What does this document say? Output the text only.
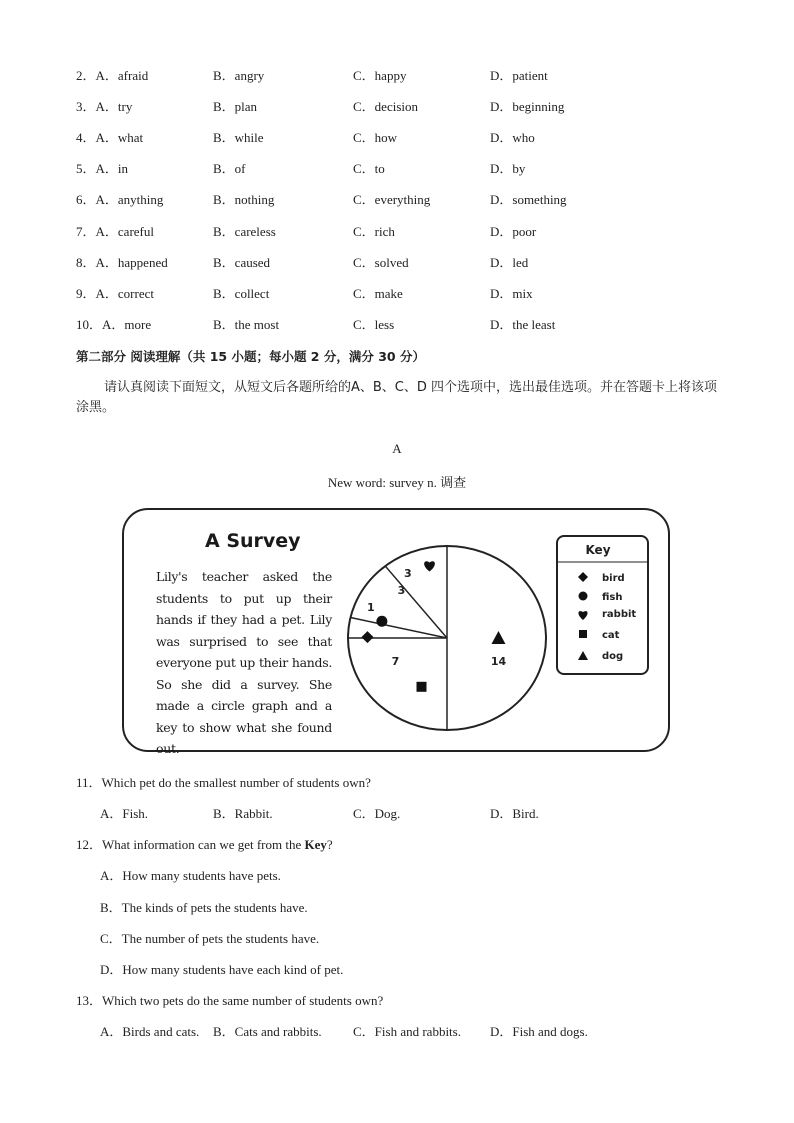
2．A．afraid	B．angry	C．happy	D．patient
3．A．try	B．plan	C．decision	D．beginning
4．A．what	B．while	C．how	D．who
5．A．in	B．of	C．to	D．by
6．A．anything	B．nothing	C．everything	D．something
7．A．careful	B．careless	C．rich	D．poor
8．A．happened	B．caused	C．solved	D．led
9．A．correct	B．collect	C．make	D．mix
10．A．more	B．the most	C．less	D．the least
第二部分 阅读理解（共 15 小题；每小题 2 分，满分 30 分）
请认真阅读下面短文，从短文后各题所给的A、B、C、D 四个选项中，选出最佳选项。并在答题卡上将该项涂黑。
A
New word: survey n. 调查
A Survey
Lily's teacher asked the students to put up their hands if they had a pet. Lily was surprised to see that everyone put up their hands. So she did a survey. She made a circle graph and a key to show what she found out.
14
7
1
3
3
Key
bird
fish
rabbit
cat
dog
11．Which pet do the smallest number of students own?
A．Fish.	B．Rabbit.	C．Dog.	D．Bird.
12．What information can we get from the Key?
A．How many students have pets.
B．The kinds of pets the students have.
C．The number of pets the students have.
D．How many students have each kind of pet.
13．Which two pets do the same number of students own?
A．Birds and cats. B．Cats and rabbits. C．Fish and rabbits. D．Fish and dogs.
